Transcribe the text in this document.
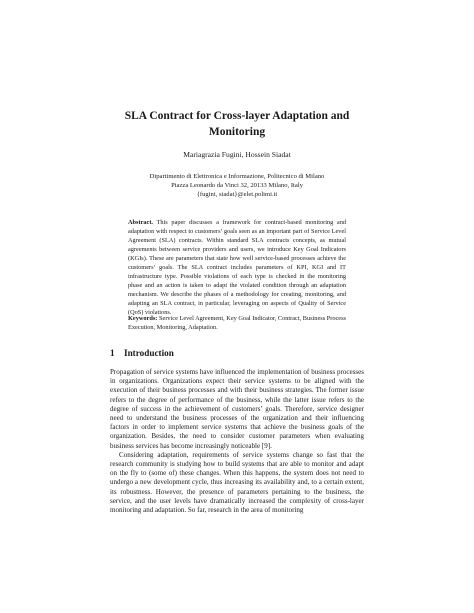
SLA Contract for Cross-layer Adaptation and
Monitoring
Mariagrazia Fugini, Hossein Siadat
Dipartimento di Elettronica e Informazione, Politecnico di Milano
Piazza Leonardo da Vinci 32, 20133 Milano, Italy
{fugini, siadat}@elet.polimi.it
Abstract. This paper discusses a framework for contract-based monitoring and adaptation with respect to customers’ goals seen as an important part of Service Level Agreement (SLA) contracts. Within standard SLA contracts concepts, as mutual agreements between service providers and users, we introduce Key Goal Indicators (KGIs). These are parameters that state how well service-based processes achieve the customers’ goals. The SLA contract includes parameters of KPI, KGI and IT infrastructure type. Possible violations of each type is checked in the monitoring phase and an action is taken to adapt the violated condition through an adaptation mechanism. We describe the phases of a methodology for creating, monitoring, and adapting an SLA contract, in particular, leveraging on aspects of Quality of Service (QoS) violations.
Keywords: Service Level Agreement, Key Goal Indicator, Contract, Business Process Execution, Monitoring, Adaptation.
1 Introduction

Propagation of service systems have influenced the implementation of business processes in organizations. Organizations expect their service systems to be aligned with the execution of their business processes and with their business strategies. The former issue refers to the degree of performance of the business, while the latter issue refers to the degree of success in the achievement of customers’ goals. Therefore, service designer need to understand the business processes of the organization and their influencing factors in order to implement service systems that achieve the business goals of the organization. Besides, the need to consider customer parameters when evaluating business services has become increasingly noticeable [9].

Considering adaptation, requirements of service systems change so fast that the research community is studying how to build systems that are able to monitor and adapt on the fly to (some of) these changes. When this happens, the system does not need to undergo a new development cycle, thus increasing its availability and, to a certain extent, its robustness. However, the presence of parameters pertaining to the business, the service, and the user levels have dramatically increased the complexity of cross-layer monitoring and adaptation. So far, research in the area of monitoring
